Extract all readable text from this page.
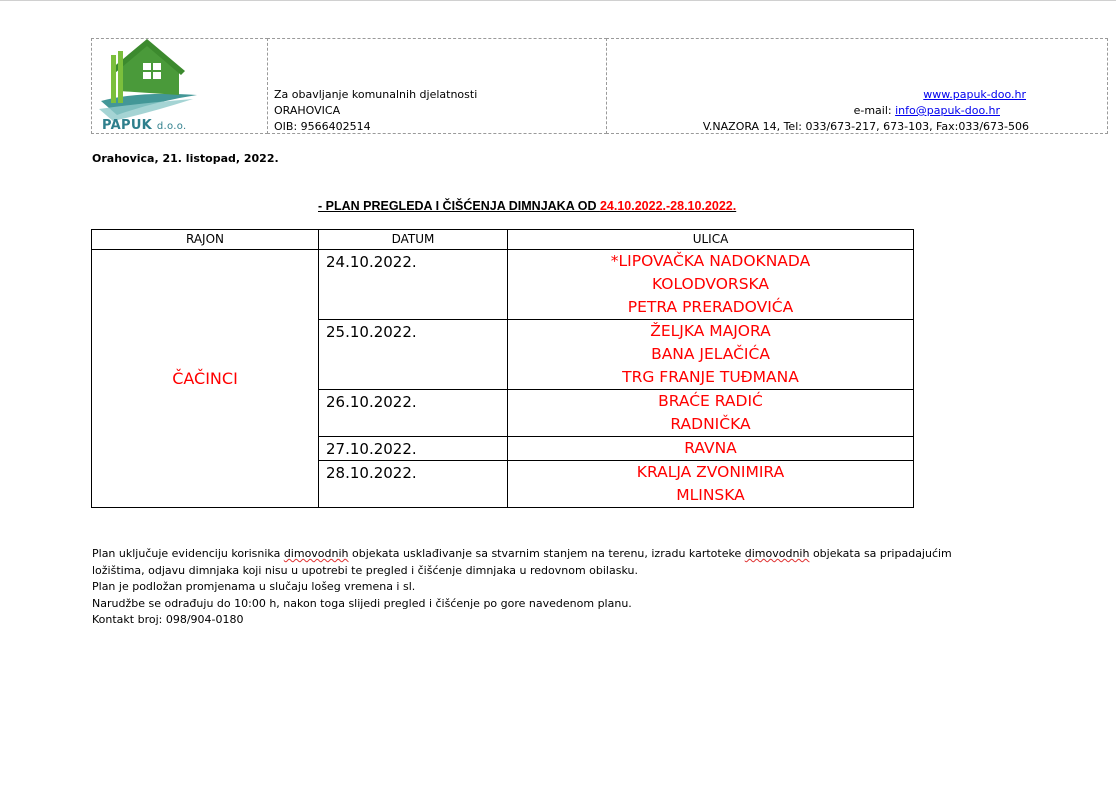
PAPUK d.o.o.
Za obavljanje komunalnih djelatnosti
ORAHOVICA
OIB: 9566402514
www.papuk-doo.hr
e-mail: info@papuk-doo.hr
V.NAZORA 14, Tel: 033/673-217, 673-103, Fax:033/673-506
Orahovica, 21. listopad, 2022.
- PLAN PREGLEDA I ČIŠĆENJA DIMNJAKA OD 24.10.2022.-28.10.2022.
RAJON	DATUM	ULICA
ČAČINCI	24.10.2022.	*LIPOVAČKA NADOKNADA
KOLODVORSKA
PETRA PRERADOVIĆA

	25.10.2022.	ŽELJKA MAJORA
BANA JELAČIĆA
TRG FRANJE TUĐMANA

	26.10.2022.	BRAĆE RADIĆ
RADNIČKA

	27.10.2022.	RAVNA

	28.10.2022.	KRALJA ZVONIMIRA
MLINSKA
Plan uključuje evidenciju korisnika dimovodnih objekata usklađivanje sa stvarnim stanjem na terenu, izradu kartoteke dimovodnih objekata sa pripadajućim
ložištima, odjavu dimnjaka koji nisu u upotrebi te pregled i čišćenje dimnjaka u redovnom obilasku.
Plan je podložan promjenama u slučaju lošeg vremena i sl.
Narudžbe se odrađuju do 10:00 h, nakon toga slijedi pregled i čišćenje po gore navedenom planu.
Kontakt broj: 098/904-0180
